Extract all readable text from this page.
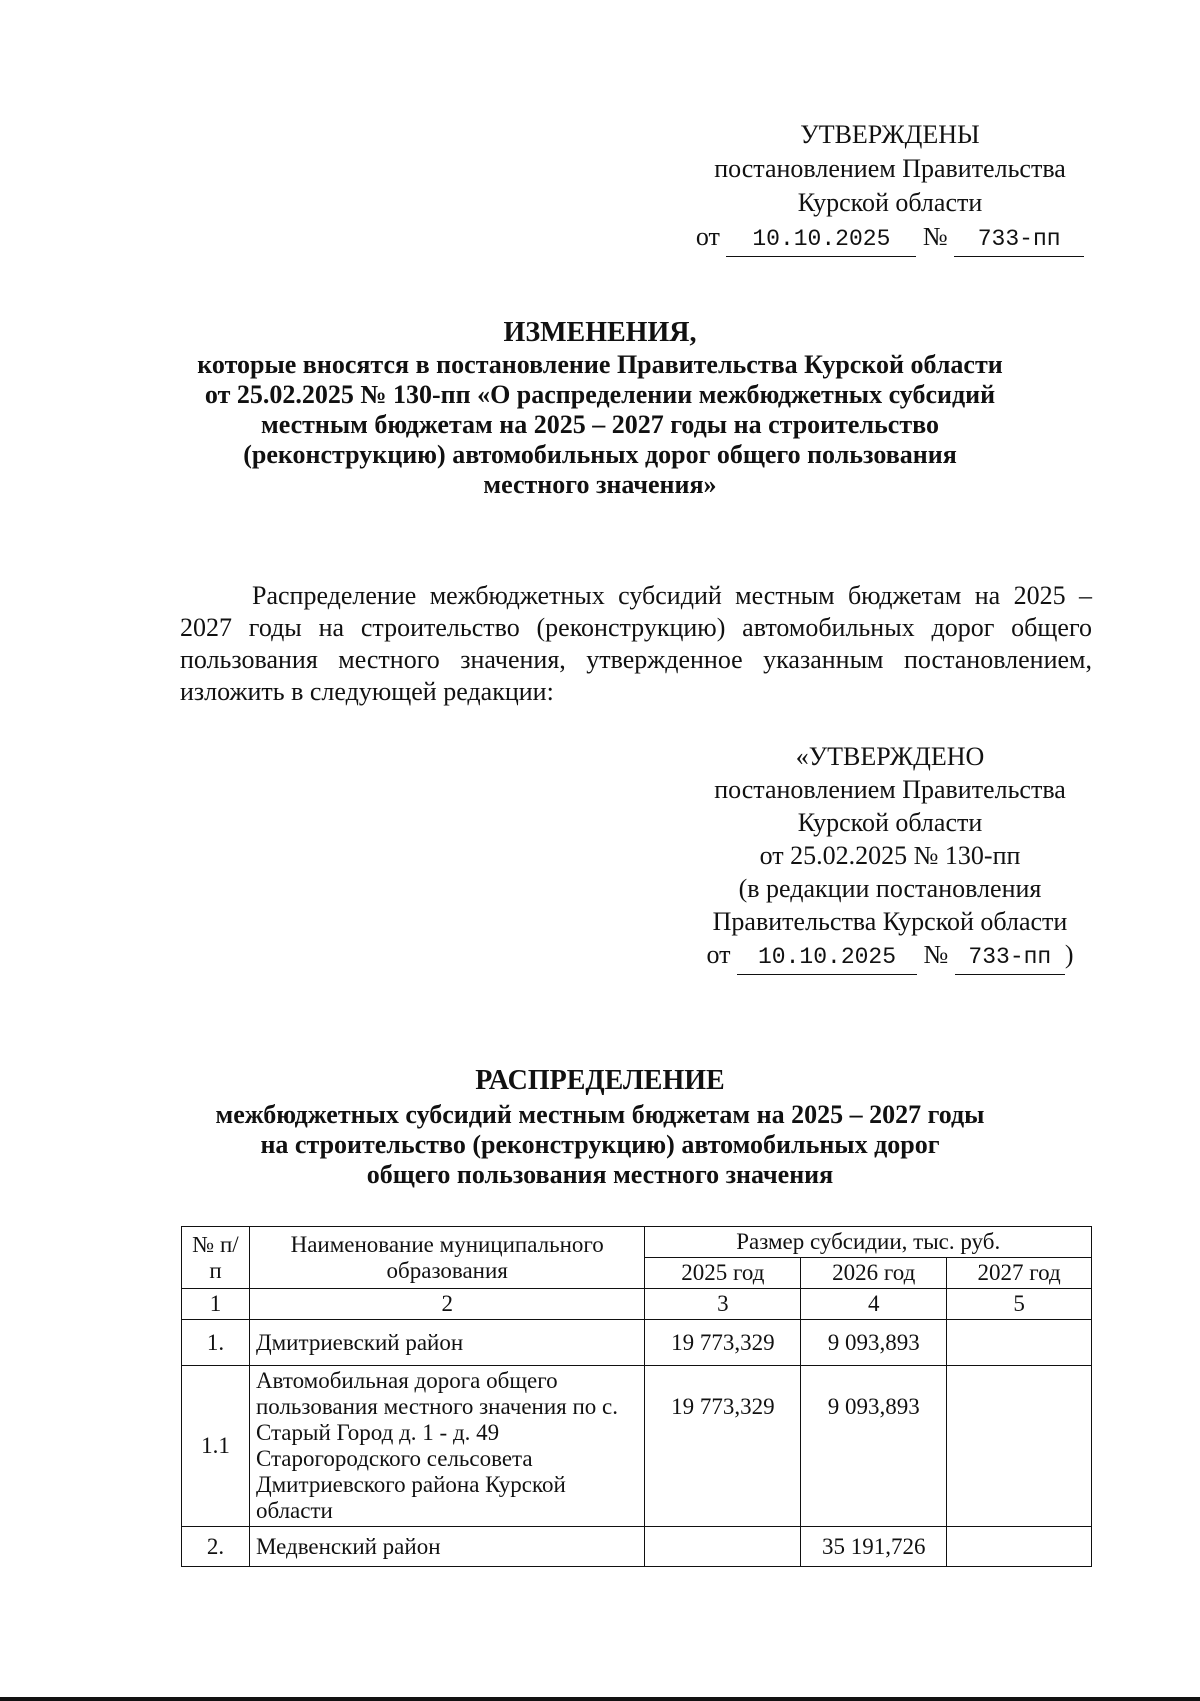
УТВЕРЖДЕНЫ
постановлением Правительства
Курской области
от 10.10.2025 № 733-пп
ИЗМЕНЕНИЯ,
которые вносятся в постановление Правительства Курской области
от 25.02.2025 № 130-пп «О распределении межбюджетных субсидий
местным бюджетам на 2025 – 2027 годы на строительство
(реконструкцию) автомобильных дорог общего пользования
местного значения»
Распределение межбюджетных субсидий местным бюджетам на 2025 – 2027 годы на строительство (реконструкцию) автомобильных дорог общего пользования местного значения, утвержденное указанным постановлением, изложить в следующей редакции:
«УТВЕРЖДЕНО
постановлением Правительства
Курской области
от 25.02.2025 № 130-пп
(в редакции постановления
Правительства Курской области
от 10.10.2025 № 733-пп )
РАСПРЕДЕЛЕНИЕ
межбюджетных субсидий местным бюджетам на 2025 – 2027 годы
на строительство (реконструкцию) автомобильных дорог
общего пользования местного значения
№ п/п	Наименование муниципального образования	Размер субсидии, тыс. руб.		
		2025 год	2026 год	2027 год
1	2	3	4	5
1.	Дмитриевский район	19 773,329	9 093,893	
1.1	Автомобильная дорога общего пользования местного значения по с. Старый Город д. 1 - д. 49 Старогородского сельсовета Дмитриевского района Курской области	19 773,329	9 093,893	
2.	Медвенский район		35 191,726	
